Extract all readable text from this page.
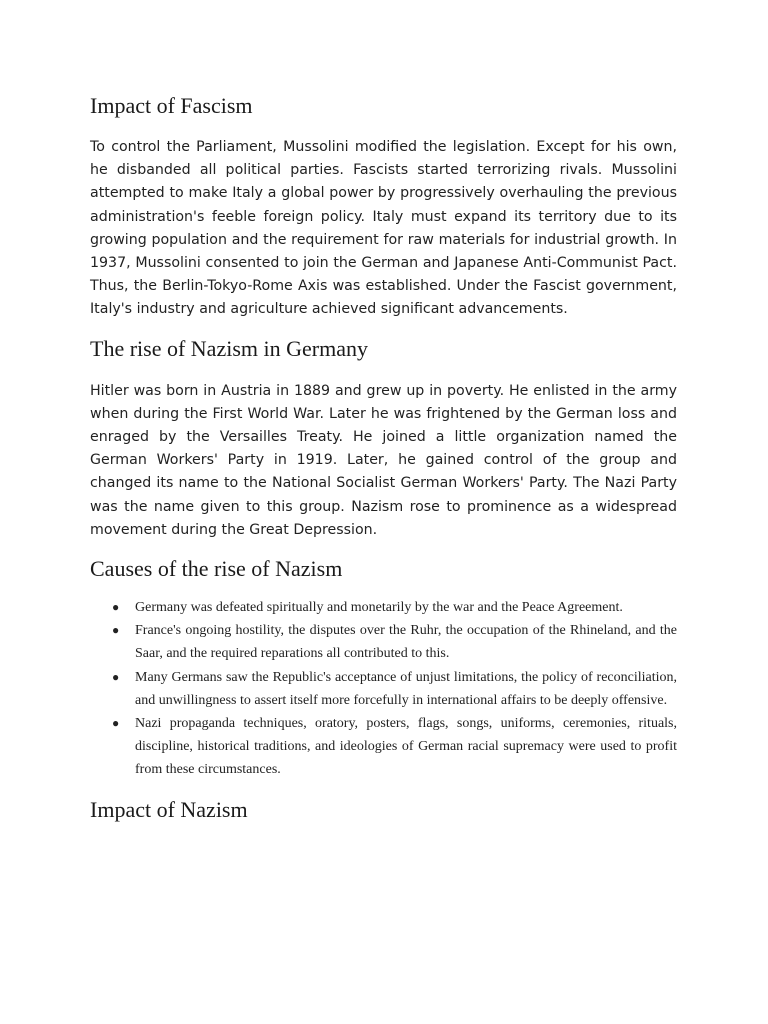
Impact of Fascism

To control the Parliament, Mussolini modified the legislation. Except for his own, he disbanded all political parties. Fascists started terrorizing rivals. Mussolini attempted to make Italy a global power by progressively overhauling the previous administration's feeble foreign policy. Italy must expand its territory due to its growing population and the requirement for raw materials for industrial growth. In 1937, Mussolini consented to join the German and Japanese Anti-Communist Pact. Thus, the Berlin-Tokyo-Rome Axis was established. Under the Fascist government, Italy's industry and agriculture achieved significant advancements.

The rise of Nazism in Germany

Hitler was born in Austria in 1889 and grew up in poverty. He enlisted in the army when during the First World War. Later he was frightened by the German loss and enraged by the Versailles Treaty. He joined a little organization named the German Workers' Party in 1919. Later, he gained control of the group and changed its name to the National Socialist German Workers' Party. The Nazi Party was the name given to this group. Nazism rose to prominence as a widespread movement during the Great Depression.

Causes of the rise of Nazism
● Germany was defeated spiritually and monetarily by the war and the Peace Agreement.
● France's ongoing hostility, the disputes over the Ruhr, the occupation of the Rhineland, and the Saar, and the required reparations all contributed to this.
● Many Germans saw the Republic's acceptance of unjust limitations, the policy of reconciliation, and unwillingness to assert itself more forcefully in international affairs to be deeply offensive.
● Nazi propaganda techniques, oratory, posters, flags, songs, uniforms, ceremonies, rituals, discipline, historical traditions, and ideologies of German racial supremacy were used to profit from these circumstances.
Impact of Nazism
